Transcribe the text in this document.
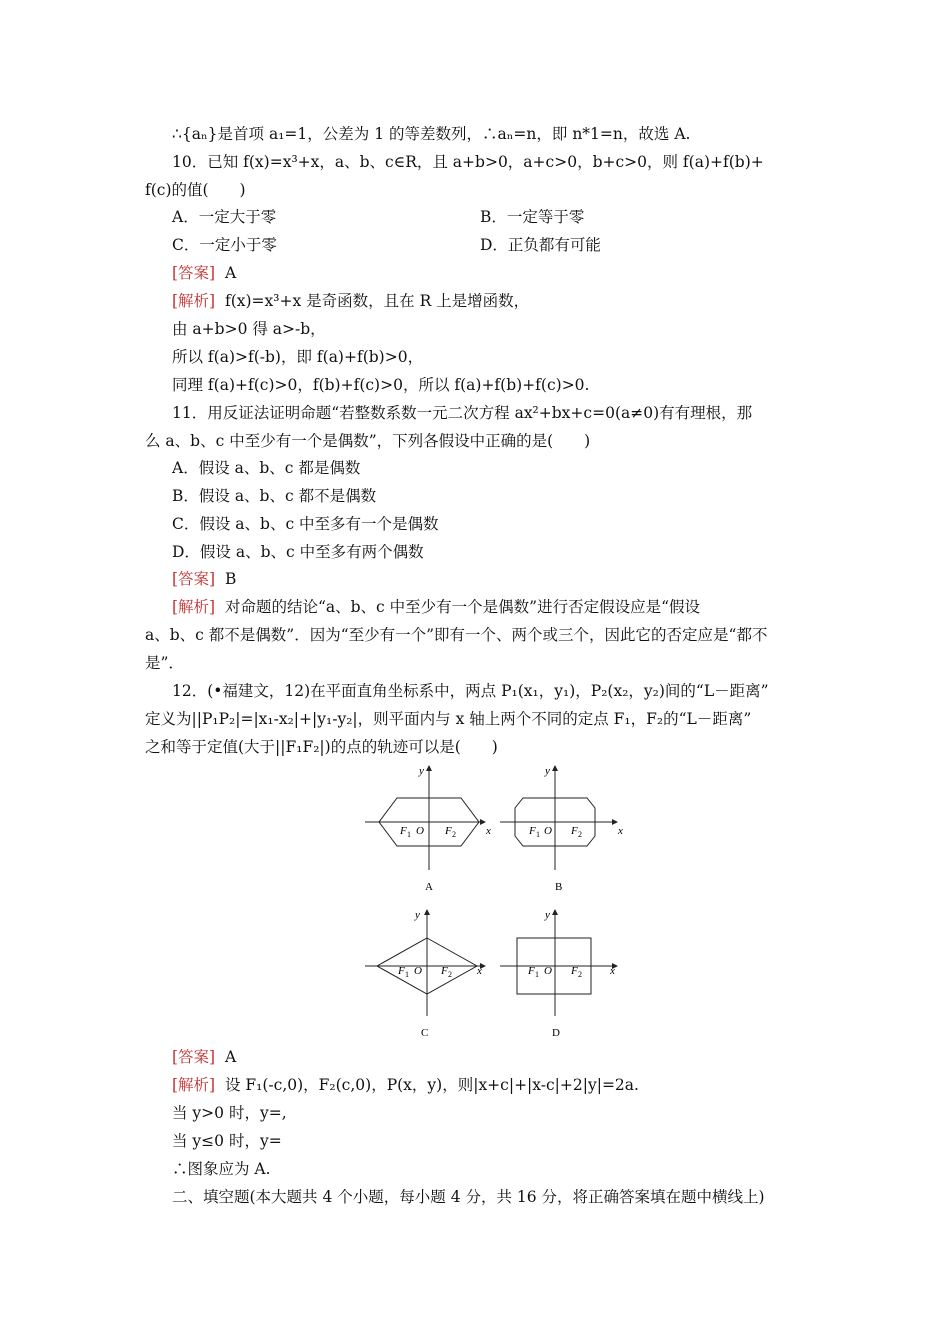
∴{aₙ}是首项 a₁=1，公差为 1 的等差数列，∴aₙ=n，即 n*1=n，故选 A.
10．已知 f(x)=x³+x，a、b、c∈R，且 a+b>0，a+c>0，b+c>0，则 f(a)+f(b)+
f(c)的值(　　)
A．一定大于零	B．一定等于零
C．一定小于零	D．正负都有可能
[答案] A
[解析] f(x)=x³+x 是奇函数，且在 R 上是增函数，
由 a+b>0 得 a>-b，
所以 f(a)>f(-b)，即 f(a)+f(b)>0，
同理 f(a)+f(c)>0，f(b)+f(c)>0，所以 f(a)+f(b)+f(c)>0.
11．用反证法证明命题“若整数系数一元二次方程 ax²+bx+c=0(a≠0)有有理根，那
么 a、b、c 中至少有一个是偶数”，下列各假设中正确的是(　　)
A．假设 a、b、c 都是偶数
B．假设 a、b、c 都不是偶数
C．假设 a、b、c 中至多有一个是偶数
D．假设 a、b、c 中至多有两个偶数
[答案] B
[解析] 对命题的结论“a、b、c 中至少有一个是偶数”进行否定假设应是“假设
a、b、c 都不是偶数”．因为“至少有一个”即有一个、两个或三个，因此它的否定应是“都不
是”．
12．(•福建文，12)在平面直角坐标系中，两点 P₁(x₁，y₁)，P₂(x₂，y₂)间的“L－距离”
定义为||P₁P₂|=|x₁-x₂|+|y₁-y₂|，则平面内与 x 轴上两个不同的定点 F₁，F₂的“L－距离”
之和等于定值(大于||F₁F₂|)的点的轨迹可以是(　　)
y
x
F 1 O F 2
A
y
x
F 1 O F 2
B
y
x
F 1 O F 2
C
y
x
F 1 O F 2
D
[答案] A
[解析] 设 F₁(-c,0)，F₂(c,0)，P(x，y)，则|x+c|+|x-c|+2|y|=2a.
当 y>0 时，y=,
当 y≤0 时，y=
∴图象应为 A.
二、填空题(本大题共 4 个小题，每小题 4 分，共 16 分，将正确答案填在题中横线上)
